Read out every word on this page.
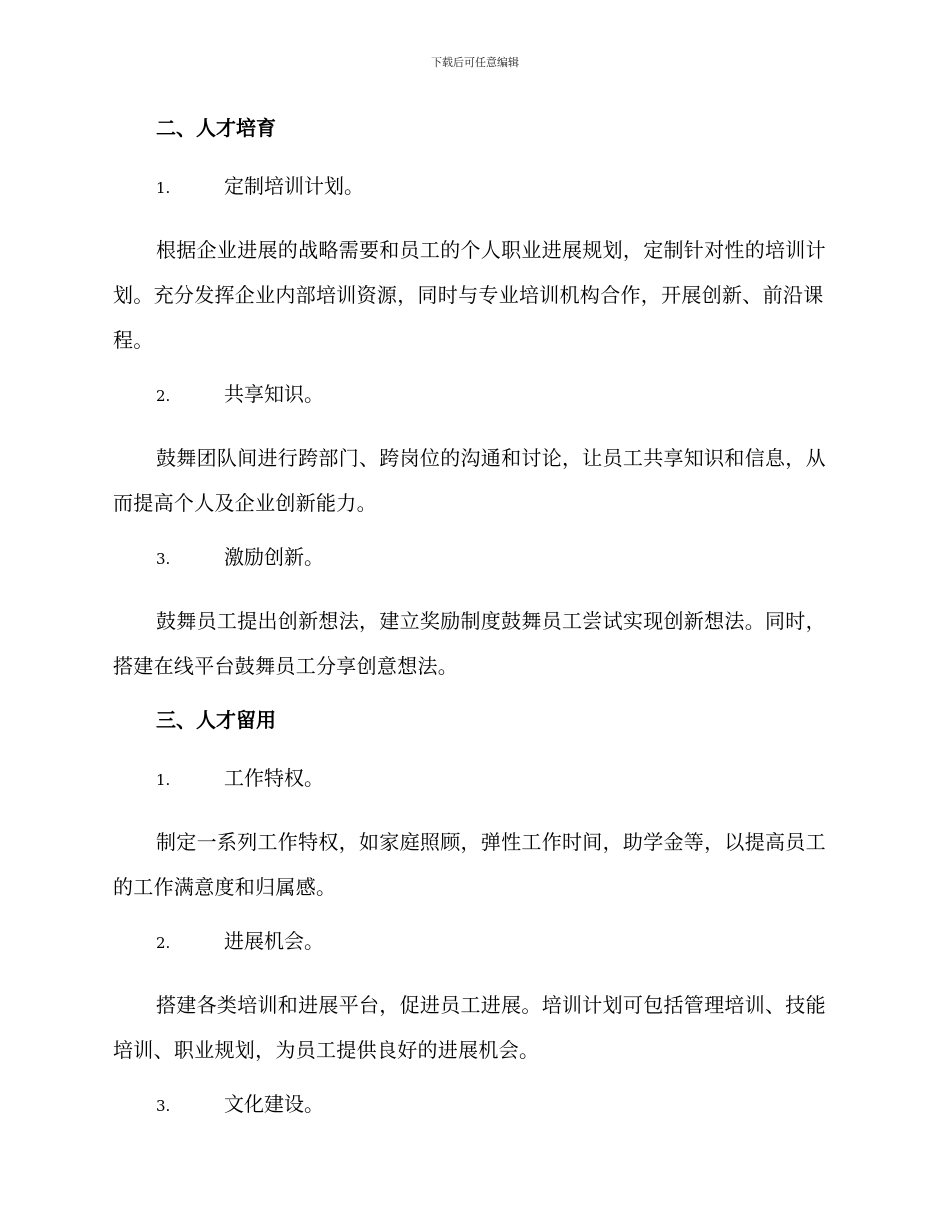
下载后可任意编辑
二、人才培育
1.	定制培训计划。

根据企业进展的战略需要和员工的个人职业进展规划，定制针对性的培训计划。充分发挥企业内部培训资源，同时与专业培训机构合作，开展创新、前沿课程。

2.	共享知识。

鼓舞团队间进行跨部门、跨岗位的沟通和讨论，让员工共享知识和信息，从而提高个人及企业创新能力。

3.	激励创新。

鼓舞员工提出创新想法，建立奖励制度鼓舞员工尝试实现创新想法。同时，搭建在线平台鼓舞员工分享创意想法。

三、人才留用
1.	工作特权。

制定一系列工作特权，如家庭照顾，弹性工作时间，助学金等，以提高员工的工作满意度和归属感。

2.	进展机会。

搭建各类培训和进展平台，促进员工进展。培训计划可包括管理培训、技能培训、职业规划，为员工提供良好的进展机会。

3.	文化建设。
